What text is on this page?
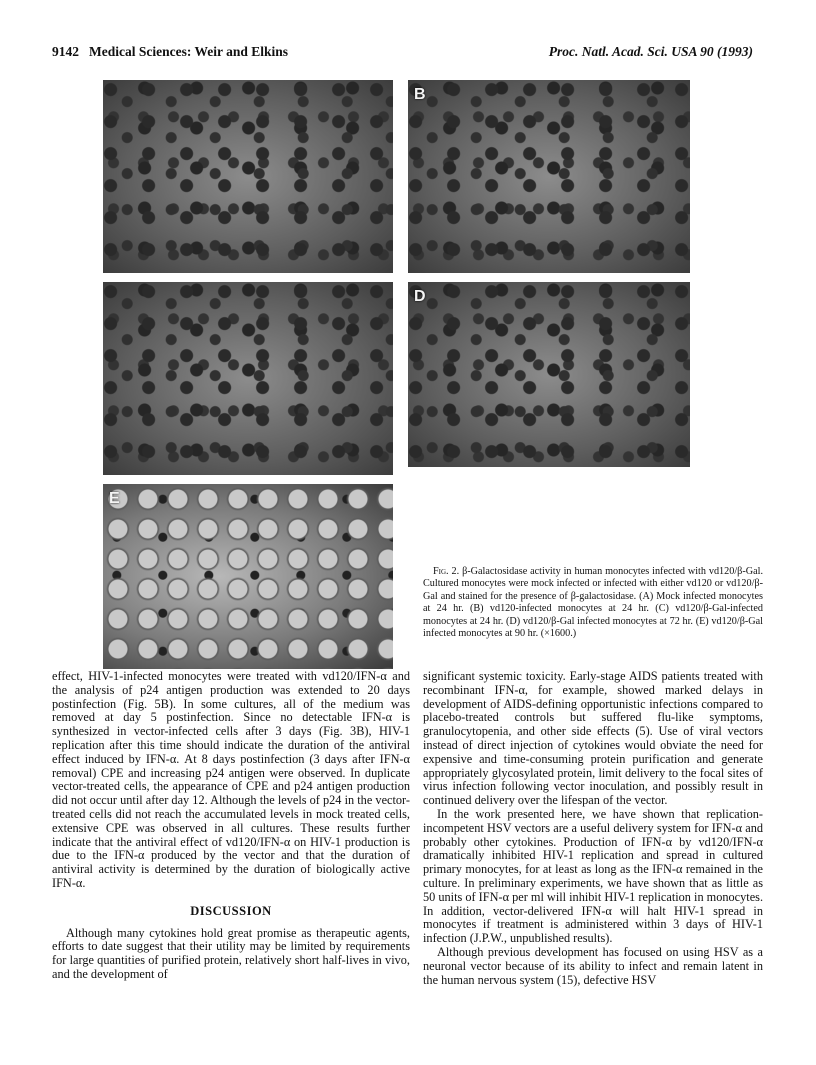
9142 Medical Sciences: Weir and Elkins	Proc. Natl. Acad. Sci. USA 90 (1993)
B
D
E
Fig. 2. β-Galactosidase activity in human monocytes infected with vd120/β-Gal. Cultured monocytes were mock infected or infected with either vd120 or vd120/β-Gal and stained for the presence of β-galactosidase. (A) Mock infected monocytes at 24 hr. (B) vd120-infected monocytes at 24 hr. (C) vd120/β-Gal-infected monocytes at 24 hr. (D) vd120/β-Gal infected monocytes at 72 hr. (E) vd120/β-Gal infected monocytes at 90 hr. (×1600.)

effect, HIV-1-infected monocytes were treated with vd120/IFN-α and the analysis of p24 antigen production was extended to 20 days postinfection (Fig. 5B). In some cultures, all of the medium was removed at day 5 postinfection. Since no detectable IFN-α is synthesized in vector-infected cells after 3 days (Fig. 3B), HIV-1 replication after this time should indicate the duration of the antiviral effect induced by IFN-α. At 8 days postinfection (3 days after IFN-α removal) CPE and increasing p24 antigen were observed. In duplicate vector-treated cells, the appearance of CPE and p24 antigen production did not occur until after day 12. Although the levels of p24 in the vector-treated cells did not reach the accumulated levels in mock treated cells, extensive CPE was observed in all cultures. These results further indicate that the antiviral effect of vd120/IFN-α on HIV-1 production is due to the IFN-α produced by the vector and that the duration of antiviral activity is determined by the duration of biologically active IFN-α.

DISCUSSION

Although many cytokines hold great promise as therapeutic agents, efforts to date suggest that their utility may be limited by requirements for large quantities of purified protein, relatively short half-lives in vivo, and the development of

significant systemic toxicity. Early-stage AIDS patients treated with recombinant IFN-α, for example, showed marked delays in development of AIDS-defining opportunistic infections compared to placebo-treated controls but suffered flu-like symptoms, granulocytopenia, and other side effects (5). Use of viral vectors instead of direct injection of cytokines would obviate the need for expensive and time-consuming protein purification and generate appropriately glycosylated protein, limit delivery to the focal sites of virus infection following vector inoculation, and possibly result in continued delivery over the lifespan of the vector.

In the work presented here, we have shown that replication-incompetent HSV vectors are a useful delivery system for IFN-α and probably other cytokines. Production of IFN-α by vd120/IFN-α dramatically inhibited HIV-1 replication and spread in cultured primary monocytes, for at least as long as the IFN-α remained in the culture. In preliminary experiments, we have shown that as little as 50 units of IFN-α per ml will inhibit HIV-1 replication in monocytes. In addition, vector-delivered IFN-α will halt HIV-1 spread in monocytes if treatment is administered within 3 days of HIV-1 infection (J.P.W., unpublished results).

Although previous development has focused on using HSV as a neuronal vector because of its ability to infect and remain latent in the human nervous system (15), defective HSV
